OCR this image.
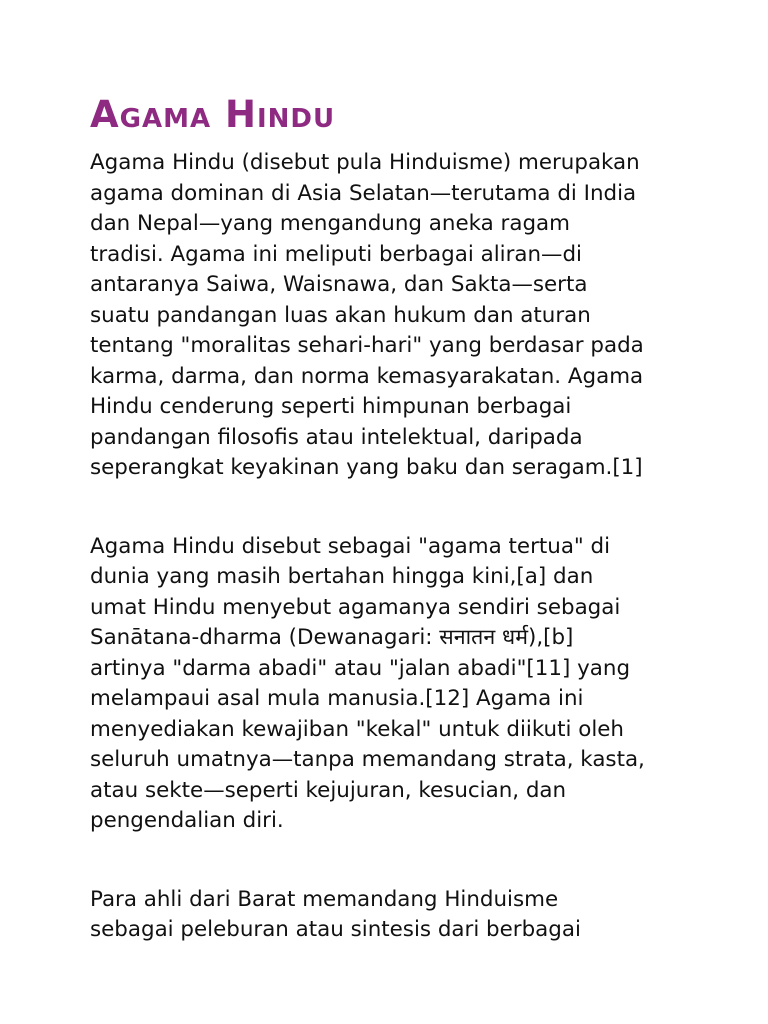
Agama Hindu

Agama Hindu (disebut pula Hinduisme) merupakan
agama dominan di Asia Selatan—terutama di India
dan Nepal—yang mengandung aneka ragam
tradisi. Agama ini meliputi berbagai aliran—di
antaranya Saiwa, Waisnawa, dan Sakta—serta
suatu pandangan luas akan hukum dan aturan
tentang "moralitas sehari-hari" yang berdasar pada
karma, darma, dan norma kemasyarakatan. Agama
Hindu cenderung seperti himpunan berbagai
pandangan filosofis atau intelektual, daripada
seperangkat keyakinan yang baku dan seragam.[1]

Agama Hindu disebut sebagai "agama tertua" di
dunia yang masih bertahan hingga kini,[a] dan
umat Hindu menyebut agamanya sendiri sebagai
Sanātana-dharma (Dewanagari: सनातन धर्म),[b]
artinya "darma abadi" atau "jalan abadi"[11] yang
melampaui asal mula manusia.[12] Agama ini
menyediakan kewajiban "kekal" untuk diikuti oleh
seluruh umatnya—tanpa memandang strata, kasta,
atau sekte—seperti kejujuran, kesucian, dan
pengendalian diri.

Para ahli dari Barat memandang Hinduisme
sebagai peleburan atau sintesis dari berbagai
